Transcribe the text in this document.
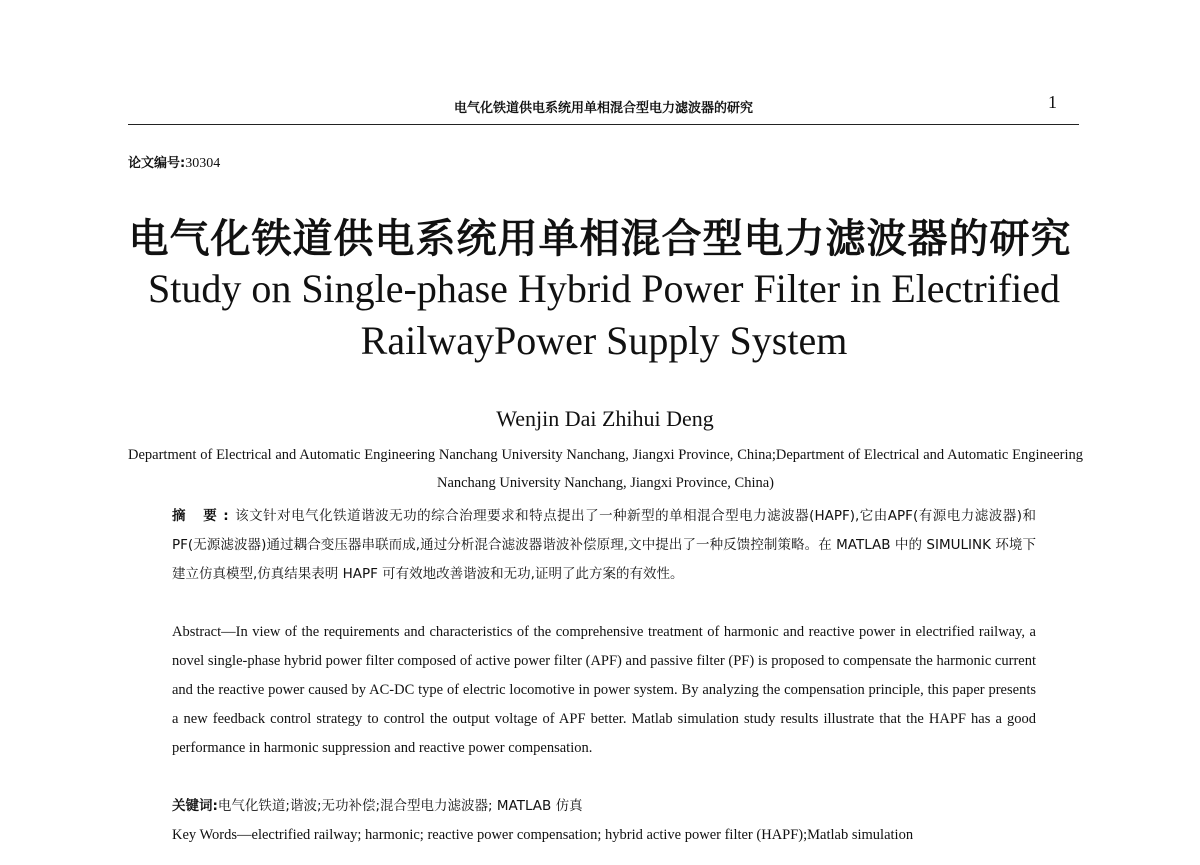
电气化铁道供电系统用单相混合型电力滤波器的研究	1
论文编号:30304
电气化铁道供电系统用单相混合型电力滤波器的研究
Study on Single-phase Hybrid Power Filter in Electrified
RailwayPower Supply System
Wenjin Dai Zhihui Deng
Department of Electrical and Automatic Engineering Nanchang University Nanchang, Jiangxi Province, China;Department of Electrical and Automatic Engineering Nanchang University Nanchang, Jiangxi Province, China)
摘 要:该文针对电气化铁道谐波无功的综合治理要求和特点提出了一种新型的单相混合型电力滤波器(HAPF),它由APF(有源电力滤波器)和 PF(无源滤波器)通过耦合变压器串联而成,通过分析混合滤波器谐波补偿原理,文中提出了一种反馈控制策略。在 MATLAB 中的 SIMULINK 环境下建立仿真模型,仿真结果表明 HAPF 可有效地改善谐波和无功,证明了此方案的有效性。
Abstract—In view of the requirements and characteristics of the comprehensive treatment of harmonic and reactive power in electrified railway, a novel single-phase hybrid power filter composed of active power filter (APF) and passive filter (PF) is proposed to compensate the harmonic current and the reactive power caused by AC-DC type of electric locomotive in power system. By analyzing the compensation principle, this paper presents a new feedback control strategy to control the output voltage of APF better. Matlab simulation study results illustrate that the HAPF has a good performance in harmonic suppression and reactive power compensation.
关键词:电气化铁道;谐波;无功补偿;混合型电力滤波器; MATLAB 仿真
Key Words—electrified railway; harmonic; reactive power compensation; hybrid active power filter (HAPF);Matlab simulation
